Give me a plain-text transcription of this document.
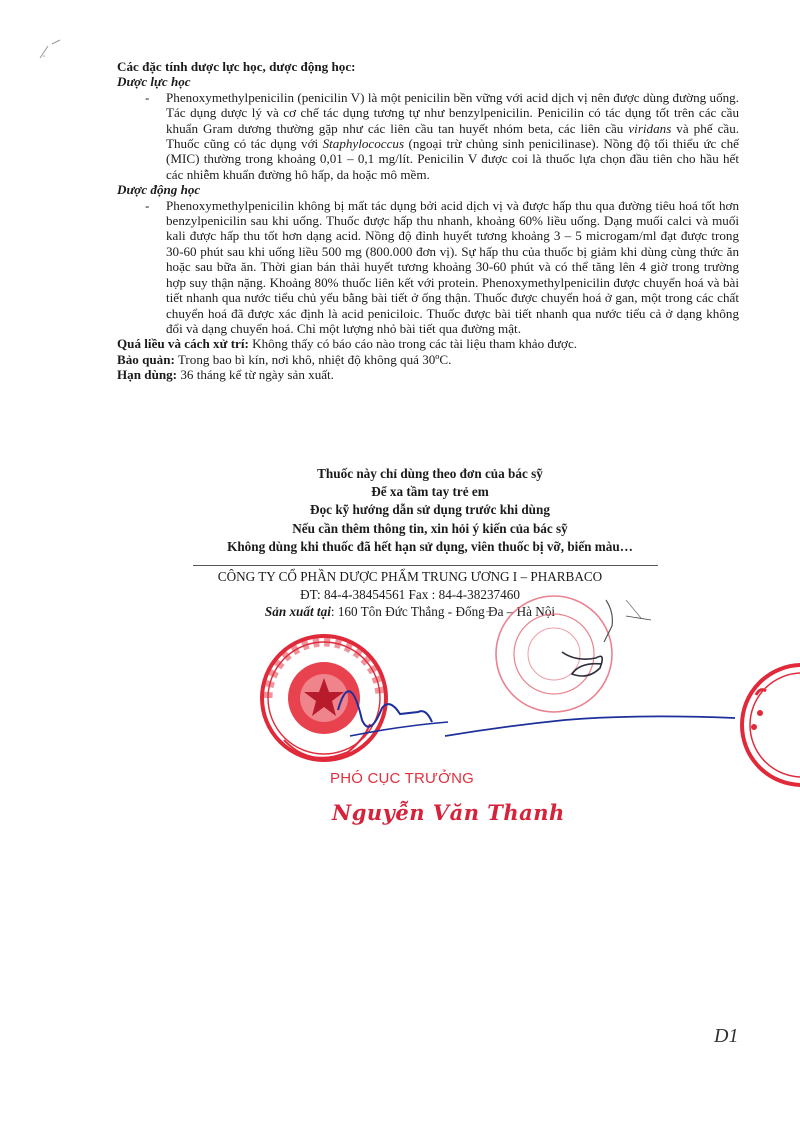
Các đặc tính dược lực học, dược động học:

Dược lực học

- Phenoxymethylpenicilin (penicilin V) là một penicilin bền vững với acid dịch vị nên được dùng đường uống. Tác dụng dược lý và cơ chế tác dụng tương tự như benzylpenicilin. Penicilin có tác dụng tốt trên các cầu khuẩn Gram dương thường gặp như các liên cầu tan huyết nhóm beta, các liên cầu viridans và phế cầu. Thuốc cũng có tác dụng với Staphylococcus (ngoại trừ chủng sinh penicilinase). Nồng độ tối thiểu ức chế (MIC) thường trong khoảng 0,01 – 0,1 mg/lít. Penicilin V được coi là thuốc lựa chọn đầu tiên cho hầu hết các nhiễm khuẩn đường hô hấp, da hoặc mô mềm.

Dược động học

- Phenoxymethylpenicilin không bị mất tác dụng bởi acid dịch vị và được hấp thu qua đường tiêu hoá tốt hơn benzylpenicilin sau khi uống. Thuốc được hấp thu nhanh, khoảng 60% liều uống. Dạng muối calci và muối kali được hấp thu tốt hơn dạng acid. Nồng độ đỉnh huyết tương khoảng 3 – 5 microgam/ml đạt được trong 30-60 phút sau khi uống liều 500 mg (800.000 đơn vị). Sự hấp thu của thuốc bị giảm khi dùng cùng thức ăn hoặc sau bữa ăn. Thời gian bán thải huyết tương khoảng 30-60 phút và có thể tăng lên 4 giờ trong trường hợp suy thận nặng. Khoảng 80% thuốc liên kết với protein. Phenoxymethylpenicilin được chuyển hoá và bài tiết nhanh qua nước tiểu chủ yếu bằng bài tiết ở ống thận. Thuốc được chuyển hoá ở gan, một trong các chất chuyển hoá đã được xác định là acid peniciloic. Thuốc được bài tiết nhanh qua nước tiểu cả ở dạng không đổi và dạng chuyển hoá. Chỉ một lượng nhỏ bài tiết qua đường mật.

Quá liều và cách xử trí: Không thấy có báo cáo nào trong các tài liệu tham khảo được.

Bảo quản: Trong bao bì kín, nơi khô, nhiệt độ không quá 30ºC.

Hạn dùng: 36 tháng kể từ ngày sản xuất.

Thuốc này chỉ dùng theo đơn của bác sỹ
Để xa tầm tay trẻ em
Đọc kỹ hướng dẫn sử dụng trước khi dùng
Nếu cần thêm thông tin, xin hỏi ý kiến của bác sỹ
Không dùng khi thuốc đã hết hạn sử dụng, viên thuốc bị vỡ, biến màu…
CÔNG TY CỔ PHẦN DƯỢC PHẨM TRUNG ƯƠNG I – PHARBACO
ĐT: 84-4-38454561 Fax : 84-4-38237460
Sản xuất tại: 160 Tôn Đức Thắng - Đống Đa – Hà Nội
PHÓ CỤC TRƯỞNG
Nguyễn Văn Thanh
D1
